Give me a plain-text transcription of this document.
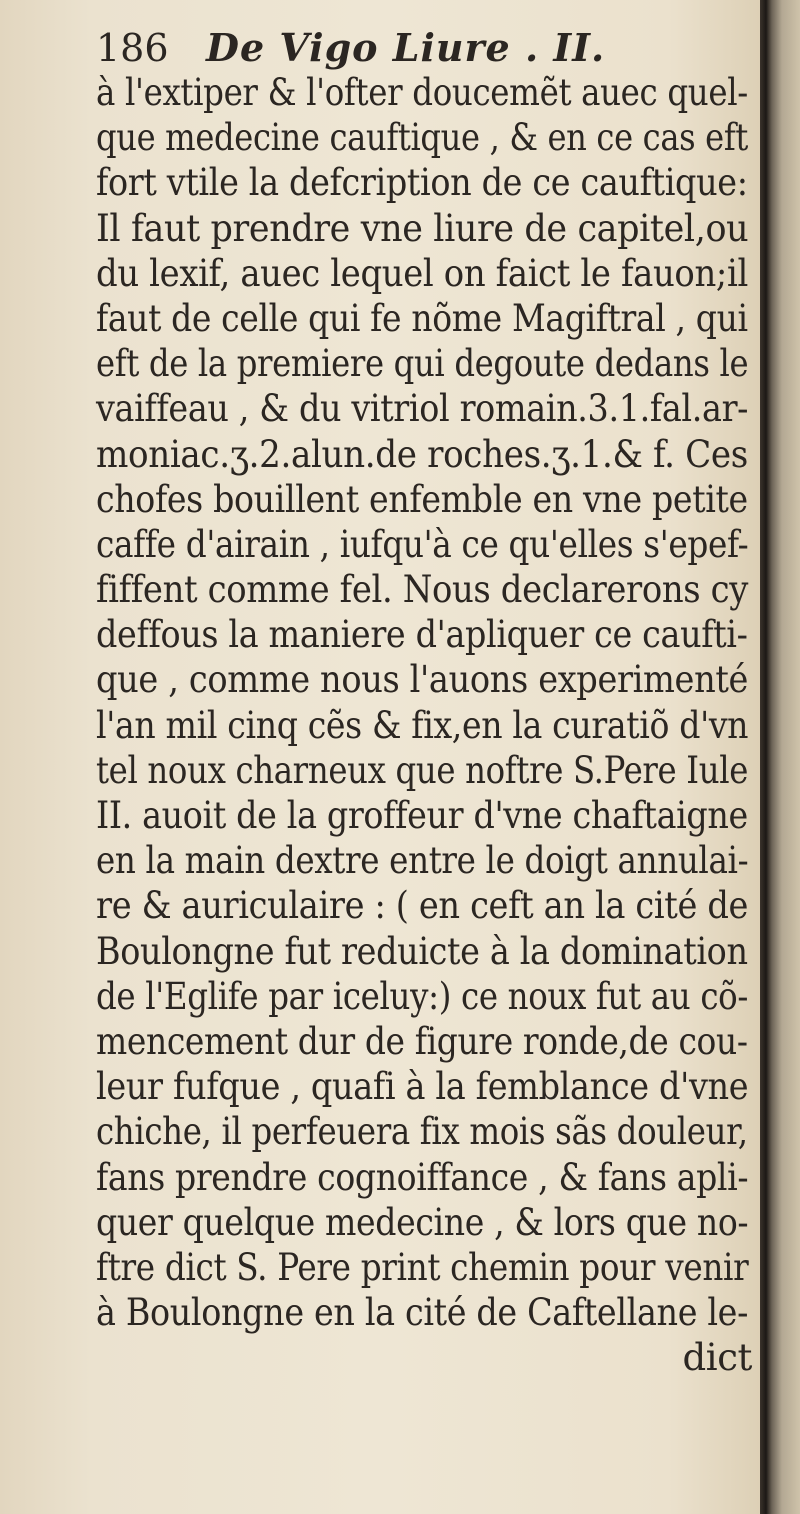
186 De Vigo Liure . II.
à l'extiper & l'ofter doucemẽt auec quel-
que medecine cauftique , & en ce cas eft
fort vtile la defcription de ce cauftique:
Il faut prendre vne liure de capitel,ou
du lexif, auec lequel on faict le fauon;il
faut de celle qui fe nõme Magiftral , qui
eft de la premiere qui degoute dedans le
vaiffeau , & du vitriol romain.3.1.fal.ar-
moniac.ʒ.2.alun.de roches.ʒ.1.& f. Ces
chofes bouillent enfemble en vne petite
caffe d'airain , iufqu'à ce qu'elles s'epef-
fiffent comme fel. Nous declarerons cy
deffous la maniere d'apliquer ce caufti-
que , comme nous l'auons experimenté
l'an mil cinq cẽs & fix,en la curatiõ d'vn
tel noux charneux que noftre S.Pere Iule
II. auoit de la groffeur d'vne chaftaigne
en la main dextre entre le doigt annulai-
re & auriculaire : ( en ceft an la cité de
Boulongne fut reduicte à la domination
de l'Eglife par iceluy:) ce noux fut au cõ-
mencement dur de figure ronde,de cou-
leur fufque , quafi à la femblance d'vne
chiche, il perfeuera fix mois sãs douleur,
fans prendre cognoiffance , & fans apli-
quer quelque medecine , & lors que no-
ftre dict S. Pere print chemin pour venir
à Boulongne en la cité de Caftellane le-
dict
